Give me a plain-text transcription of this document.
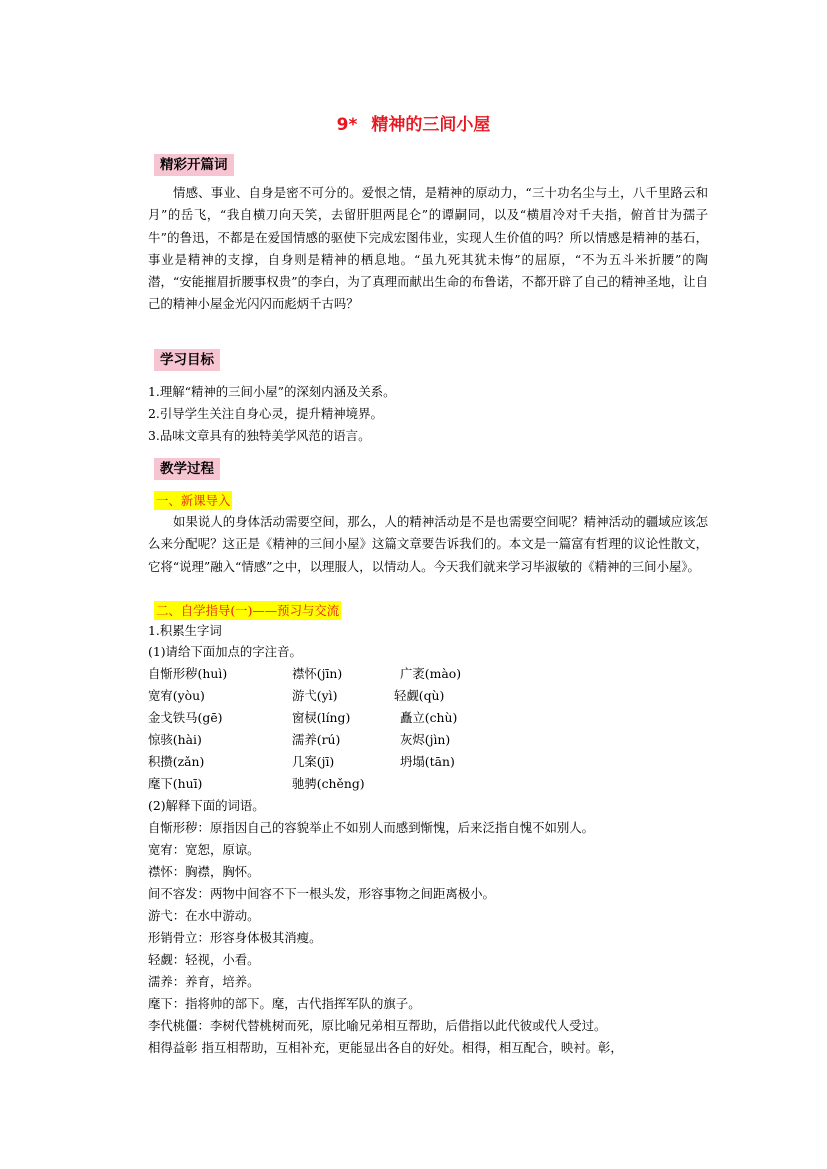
9* 精神的三间小屋
精彩开篇词

情感、事业、自身是密不可分的。爱恨之情，是精神的原动力，“三十功名尘与土，八千里路云和月”的岳飞，“我自横刀向天笑，去留肝胆两昆仑”的谭嗣同，以及“横眉冷对千夫指，俯首甘为孺子牛”的鲁迅，不都是在爱国情感的驱使下完成宏图伟业，实现人生价值的吗？所以情感是精神的基石，事业是精神的支撑，自身则是精神的栖息地。“虽九死其犹未悔”的屈原，“不为五斗米折腰”的陶潜，“安能摧眉折腰事权贵”的李白，为了真理而献出生命的布鲁诺，不都开辟了自己的精神圣地，让自己的精神小屋金光闪闪而彪炳千古吗？

学习目标
1.理解“精神的三间小屋”的深刻内涵及关系。
2.引导学生关注自身心灵，提升精神境界。
3.品味文章具有的独特美学风范的语言。
教学过程
一、新课导入

如果说人的身体活动需要空间，那么，人的精神活动是不是也需要空间呢？精神活动的疆域应该怎么来分配呢？这正是《精神的三间小屋》这篇文章要告诉我们的。本文是一篇富有哲理的议论性散文，它将“说理”融入“情感”之中，以理服人，以情动人。今天我们就来学习毕淑敏的《精神的三间小屋》。

二、自学指导(一)——预习与交流
1.积累生字词
(1)请给下面加点的字注音。
自惭形秽(huì)	襟怀(jīn)	广袤(mào)
宽宥(yòu)	游弋(yì)	轻觑(qù)
金戈铁马(gē)	窗棂(líng)	矗立(chù)
惊骇(hài)	濡养(rú)	灰烬(jìn)
积攒(zǎn)	几案(jī)	坍塌(tān)
麾下(huī)	驰骋(chěng)
(2)解释下面的词语。
自惭形秽：原指因自己的容貌举止不如别人而感到惭愧，后来泛指自愧不如别人。
宽宥：宽恕，原谅。
襟怀：胸襟，胸怀。
间不容发：两物中间容不下一根头发，形容事物之间距离极小。
游弋：在水中游动。
形销骨立：形容身体极其消瘦。
轻觑：轻视，小看。
濡养：养育，培养。
麾下：指将帅的部下。麾，古代指挥军队的旗子。
李代桃僵：李树代替桃树而死，原比喻兄弟相互帮助，后借指以此代彼或代人受过。
相得益彰 指互相帮助，互相补充，更能显出各自的好处。相得，相互配合，映衬。彰，
